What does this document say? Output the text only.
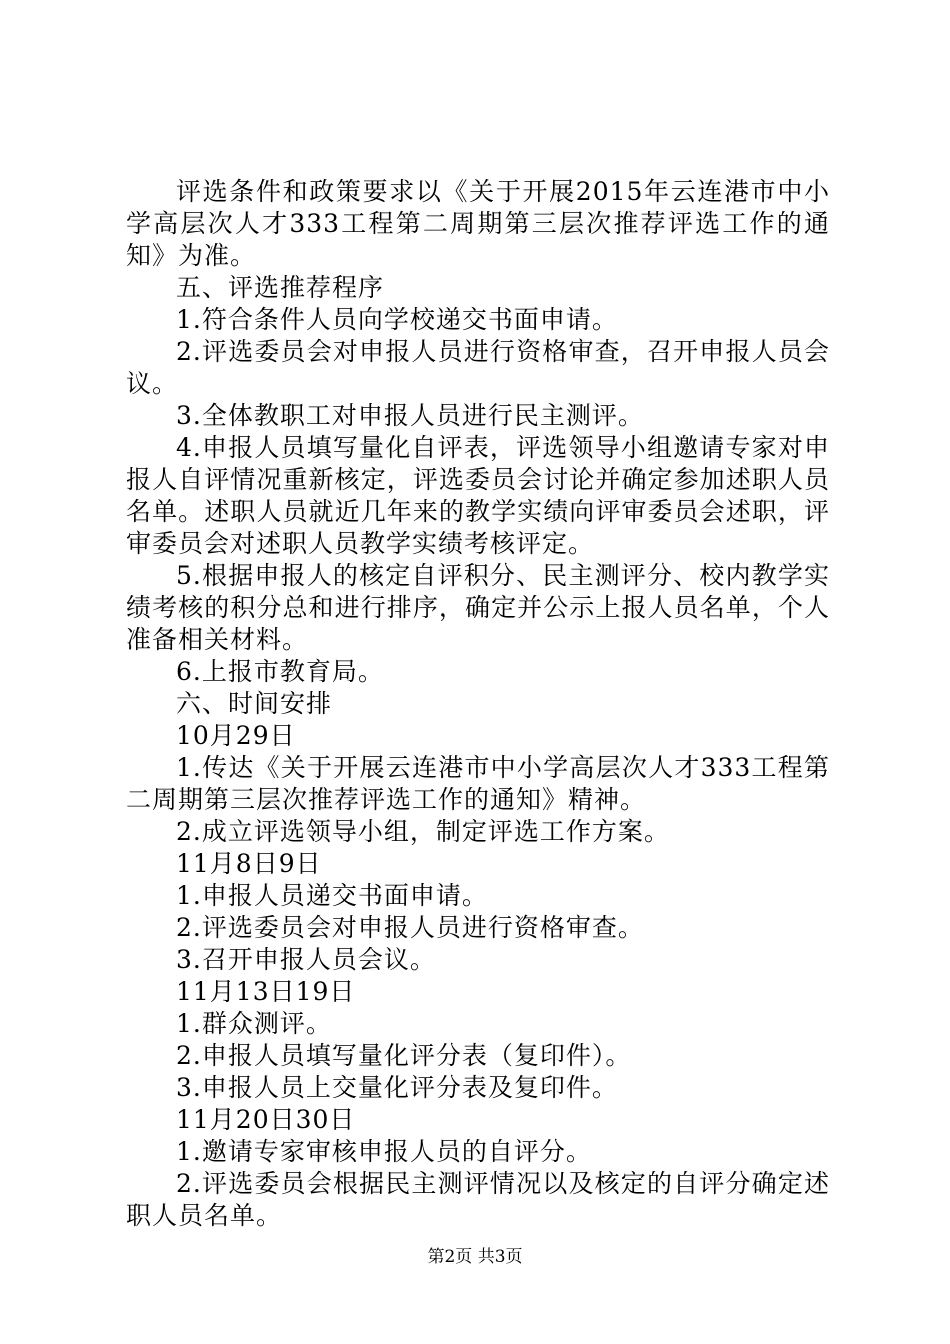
评选条件和政策要求以《关于开展2015年云连港市中小学高层次人才333工程第二周期第三层次推荐评选工作的通知》为准。

五、评选推荐程序

1.符合条件人员向学校递交书面申请。

2.评选委员会对申报人员进行资格审查，召开申报人员会议。

3.全体教职工对申报人员进行民主测评。

4.申报人员填写量化自评表，评选领导小组邀请专家对申报人自评情况重新核定，评选委员会讨论并确定参加述职人员名单。述职人员就近几年来的教学实绩向评审委员会述职，评审委员会对述职人员教学实绩考核评定。

5.根据申报人的核定自评积分、民主测评分、校内教学实绩考核的积分总和进行排序，确定并公示上报人员名单，个人准备相关材料。

6.上报市教育局。

六、时间安排

10月29日

1.传达《关于开展云连港市中小学高层次人才333工程第二周期第三层次推荐评选工作的通知》精神。

2.成立评选领导小组，制定评选工作方案。

11月8日9日

1.申报人员递交书面申请。

2.评选委员会对申报人员进行资格审查。

3.召开申报人员会议。

11月13日19日

1.群众测评。

2.申报人员填写量化评分表（复印件）。

3.申报人员上交量化评分表及复印件。

11月20日30日

1.邀请专家审核申报人员的自评分。

2.评选委员会根据民主测评情况以及核定的自评分确定述职人员名单。

第2页 共3页
